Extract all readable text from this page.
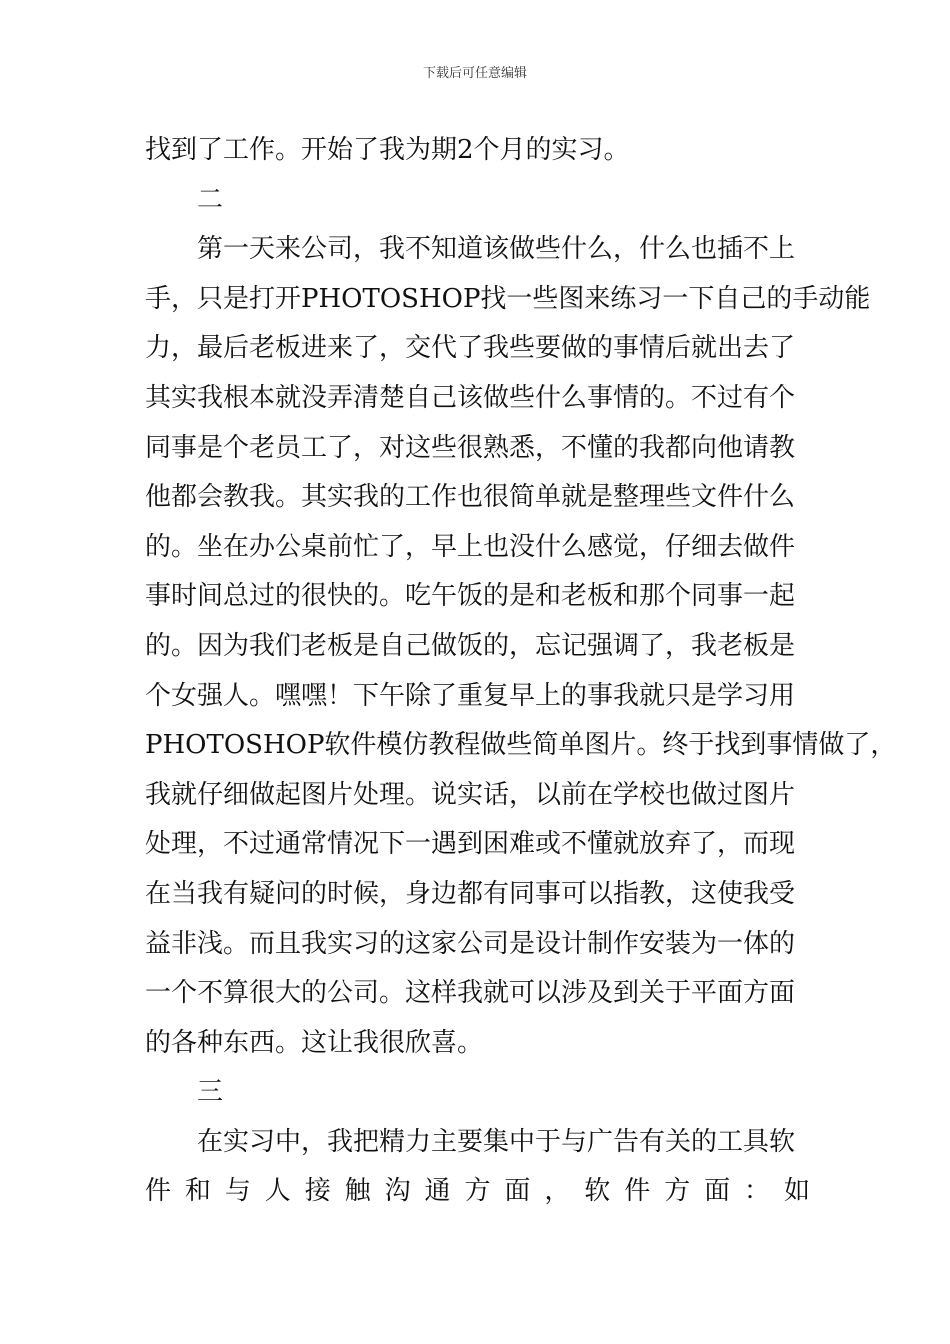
下载后可任意编辑
找到了工作。开始了我为期2个月的实习。
二
第一天来公司，我不知道该做些什么，什么也插不上
手，只是打开PHOTOSHOP找一些图来练习一下自己的手动能
力，最后老板进来了，交代了我些要做的事情后就出去了
其实我根本就没弄清楚自己该做些什么事情的。不过有个
同事是个老员工了，对这些很熟悉，不懂的我都向他请教
他都会教我。其实我的工作也很简单就是整理些文件什么
的。坐在办公桌前忙了，早上也没什么感觉，仔细去做件
事时间总过的很快的。吃午饭的是和老板和那个同事一起
的。因为我们老板是自己做饭的，忘记强调了，我老板是
个女强人。嘿嘿！下午除了重复早上的事我就只是学习用
PHOTOSHOP软件模仿教程做些简单图片。终于找到事情做了，
我就仔细做起图片处理。说实话，以前在学校也做过图片
处理，不过通常情况下一遇到困难或不懂就放弃了，而现
在当我有疑问的时候，身边都有同事可以指教，这使我受
益非浅。而且我实习的这家公司是设计制作安装为一体的
一个不算很大的公司。这样我就可以涉及到关于平面方面
的各种东西。这让我很欣喜。
三
在实习中，我把精力主要集中于与广告有关的工具软
件和与人接触沟通方面，软件方面：如
